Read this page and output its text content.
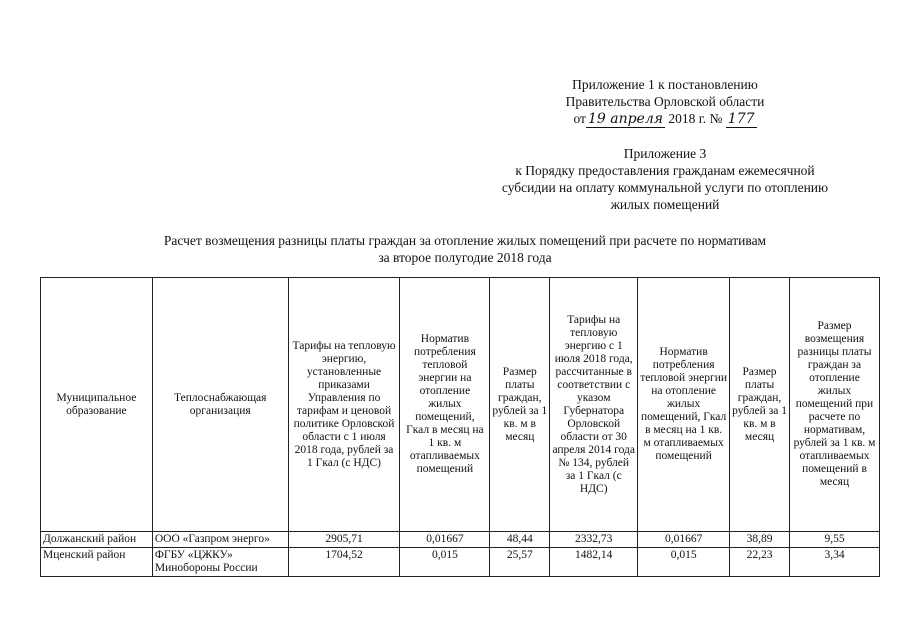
Приложение 1 к постановлению
Правительства Орловской области
от 19 апреля 2018 г. № 177
Приложение 3
к Порядку предоставления гражданам ежемесячной
субсидии на оплату коммунальной услуги по отоплению
жилых помещений
Расчет возмещения разницы платы граждан за отопление жилых помещений при расчете по нормативам
за второе полугодие 2018 года
Муниципальное образование	Теплоснабжающая организация	Тарифы на тепловую энергию, установленные приказами Управления по тарифам и ценовой политике Орловской области с 1 июля 2018 года, рублей за 1 Гкал (с НДС)	Норматив потребления тепловой энергии на отопление жилых помещений, Гкал в месяц на 1 кв. м отапливаемых помещений	Размер платы граждан, рублей за 1 кв. м в месяц	Тарифы на тепловую энергию с 1 июля 2018 года, рассчитанные в соответствии с указом Губернатора Орловской области от 30 апреля 2014 года № 134, рублей за 1 Гкал (с НДС)	Норматив потребления тепловой энергии на отопление жилых помещений, Гкал в месяц на 1 кв. м отапливаемых помещений	Размер платы граждан, рублей за 1 кв. м в месяц	Размер возмещения разницы платы граждан за отопление жилых помещений при расчете по нормативам, рублей за 1 кв. м отапливаемых помещений в месяц
Должанский район	ООО «Газпром энерго»	2905,71	0,01667	48,44	2332,73	0,01667	38,89	9,55
Мценский район	ФГБУ «ЦЖКУ» Минобороны России	1704,52	0,015	25,57	1482,14	0,015	22,23	3,34
